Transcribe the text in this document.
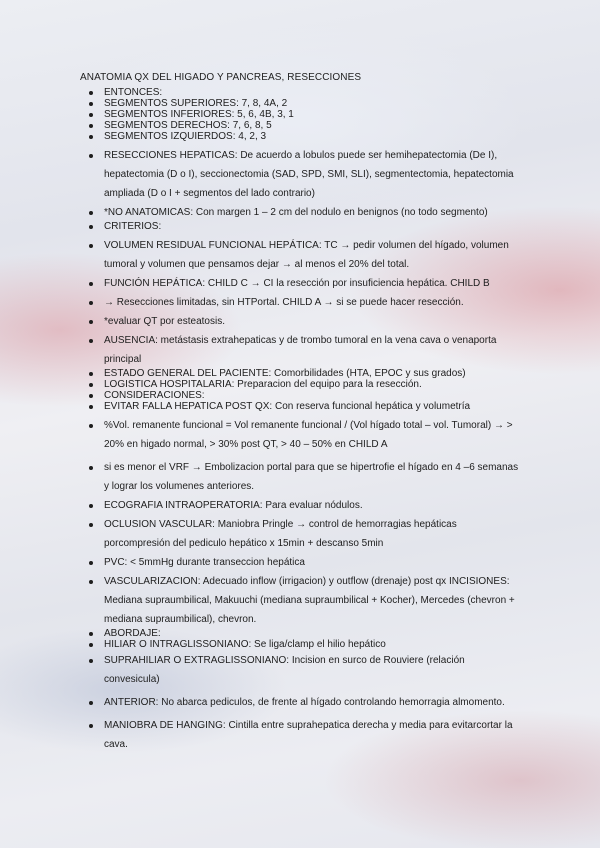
ANATOMIA QX DEL HIGADO Y PANCREAS, RESECCIONES
ENTONCES:
SEGMENTOS SUPERIORES: 7, 8, 4A, 2
SEGMENTOS INFERIORES: 5, 6, 4B, 3, 1
SEGMENTOS DERECHOS: 7, 6, 8, 5
SEGMENTOS IZQUIERDOS: 4, 2, 3
RESECCIONES HEPATICAS: De acuerdo a lobulos puede ser hemihepatectomia (De I), hepatectomia (D o I), seccionectomia (SAD, SPD, SMI, SLI), segmentectomia, hepatectomia ampliada (D o I + segmentos del lado contrario)
*NO ANATOMICAS: Con margen 1 – 2 cm del nodulo en benignos (no todo segmento)
CRITERIOS:
VOLUMEN RESIDUAL FUNCIONAL HEPÁTICA: TC → pedir volumen del hígado, volumen tumoral y volumen que pensamos dejar → al menos el 20% del total.
FUNCIÓN HEPÁTICA: CHILD C → CI la resección por insuficiencia hepática. CHILD B
→ Resecciones limitadas, sin HTPortal. CHILD A → si se puede hacer resección.
*evaluar QT por esteatosis.
AUSENCIA: metástasis extrahepaticas y de trombo tumoral en la vena cava o venaporta principal
ESTADO GENERAL DEL PACIENTE: Comorbilidades (HTA, EPOC y sus grados)
LOGISTICA HOSPITALARIA: Preparacion del equipo para la resección.
CONSIDERACIONES:
EVITAR FALLA HEPATICA POST QX: Con reserva funcional hepática y volumetría
%Vol. remanente funcional = Vol remanente funcional / (Vol hígado total – vol. Tumoral) → > 20% en higado normal, > 30% post QT, > 40 – 50% en CHILD A
si es menor el VRF → Embolizacion portal para que se hipertrofie el hígado en 4 –6 semanas y lograr los volumenes anteriores.
ECOGRAFIA INTRAOPERATORIA: Para evaluar nódulos.
OCLUSION VASCULAR: Maniobra Pringle → control de hemorragias hepáticas porcompresión del pediculo hepático x 15min + descanso 5min
PVC: < 5mmHg durante transeccion hepática
VASCULARIZACION: Adecuado inflow (irrigacion) y outflow (drenaje) post qx INCISIONES: Mediana supraumbilical, Makuuchi (mediana supraumbilical + Kocher), Mercedes (chevron + mediana supraumbilical), chevron.
ABORDAJE:
HILIAR O INTRAGLISSONIANO: Se liga/clamp el hilio hepático
SUPRAHILIAR O EXTRAGLISSONIANO: Incision en surco de Rouviere (relación convesicula)
ANTERIOR: No abarca pediculos, de frente al hígado controlando hemorragia almomento.
MANIOBRA DE HANGING: Cintilla entre suprahepatica derecha y media para evitarcortar la cava.
